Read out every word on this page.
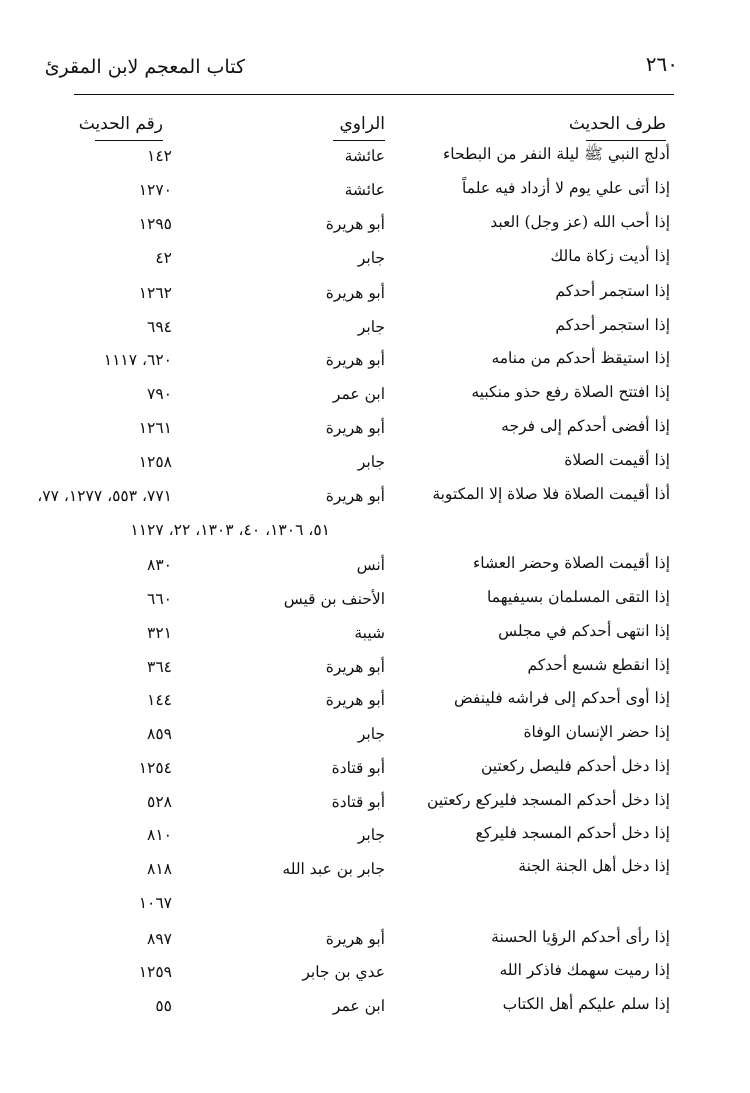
كتاب المعجم لابن المقرئ	٢٦٠
طرف الحديث
الراوي
رقم الحديث
أدلج النبي ﷺ ليلة النفر من البطحاء
عائشة
١٤٢
إذا أتى علي يوم لا أزداد فيه علماً
عائشة
١٢٧٠
إذا أحب الله (عز وجل) العبد
أبو هريرة
١٢٩٥
إذا أديت زكاة مالك
جابر
٤٢
إذا استجمر أحدكم
أبو هريرة
١٢٦٢
إذا استجمر أحدكم
جابر
٦٩٤
إذا استيقظ أحدكم من منامه
أبو هريرة
٦٢٠، ١١١٧
إذا افتتح الصلاة رفع حذو منكبيه
ابن عمر
٧٩٠
إذا أفضى أحدكم إلى فرجه
أبو هريرة
١٢٦١
إذا أقيمت الصلاة
جابر
١٢٥٨
أذا أقيمت الصلاة فلا صلاة إلا المكتوبة
أبو هريرة
٧٧١، ٥٥٣، ١٢٧٧، ٧٧،
٥١، ١٣٠٦، ٤٠، ١٣٠٣، ٢٢، ١١٢٧
إذا أقيمت الصلاة وحضر العشاء
أنس
٨٣٠
إذا التقى المسلمان بسيفيهما
الأحنف بن قيس
٦٦٠
إذا انتهى أحدكم في مجلس
شيبة
٣٢١
إذا انقطع شسع أحدكم
أبو هريرة
٣٦٤
إذا أوى أحدكم إلى فراشه فلينفض
أبو هريرة
١٤٤
إذا حضر الإنسان الوفاة
جابر
٨٥٩
إذا دخل أحدكم فليصل ركعتين
أبو قتادة
١٢٥٤
إذا دخل أحدكم المسجد فليركع ركعتين
أبو قتادة
٥٢٨
إذا دخل أحدكم المسجد فليركع
جابر
٨١٠
إذا دخل أهل الجنة الجنة
جابر بن عبد الله
٨١٨
١٠٦٧
إذا رأى أحدكم الرؤيا الحسنة
أبو هريرة
٨٩٧
إذا رميت سهمك فاذكر الله
عدي بن جابر
١٢٥٩
إذا سلم عليكم أهل الكتاب
ابن عمر
٥٥
